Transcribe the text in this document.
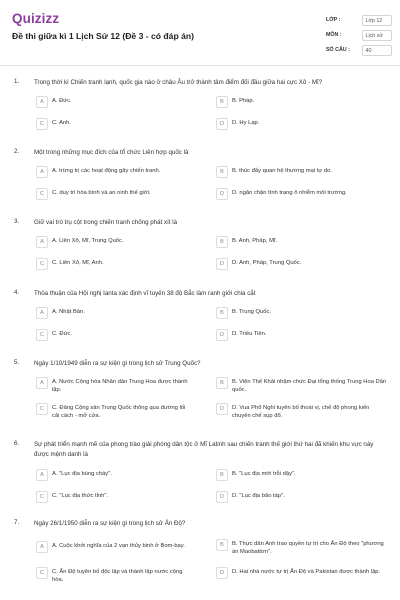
Quizizz
Đề thi giữa kì 1 Lịch Sử 12 (Đề 3 - có đáp án)
LỚP :	Lớp 12
MÔN :	Lịch sử
SỐ CÂU :	40
1. Trong thời kì Chiến tranh lạnh, quốc gia nào ở châu Âu trở thành tâm điểm đối đầu giữa hai cực Xô - Mĩ?
A	A. Đức.	B	B. Pháp.
C	C. Anh.	D	D. Hy Lạp.
2. Một trong những mục đích của tổ chức Liên hợp quốc là
A	A. trừng trị các hoạt động gây chiến tranh.	B	B. thúc đẩy quan hệ thương mại tự do.
C	C. duy trì hòa bình và an ninh thế giới.	D	D. ngăn chặn tình trạng ô nhiễm môi trường.
3. Giữ vai trò trụ cột trong chiến tranh chống phát xít là
A	A. Liên Xô, Mĩ, Trung Quốc.	B	B. Anh, Pháp, Mĩ.
C	C. Liên Xô, Mĩ, Anh.	D	D. Anh, Pháp, Trung Quốc.
4. Thỏa thuận của Hội nghị Ianta xác định vĩ tuyến 38 độ Bắc làm ranh giới chia cắt
A	A. Nhật Bản.	B	B. Trung Quốc.
C	C. Đức.	D	D. Triều Tiên.
5. Ngày 1/10/1949 diễn ra sự kiện gì trong lịch sử Trung Quốc?
A	A. Nước Cộng hòa Nhân dân Trung Hoa được thành lập.
B	B. Viên Thế Khải nhậm chức Đại tổng thống Trung Hoa Dân quốc.
C	C. Đảng Cộng sản Trung Quốc thông qua đường lối cải cách - mở cửa.
D	D. Vua Phổ Nghi tuyên bố thoái vị, chế độ phong kiến chuyên chế sụp đổ.
6. Sự phát triển mạnh mẽ của phong trào giải phóng dân tộc ở Mĩ Latinh sau chiến tranh thế giới thứ hai đã khiến khu vực này được mệnh danh là
A	A. "Lục địa bùng cháy".	B	B. "Lục địa mới trỗi dậy".
C	C. "Lục địa thức tỉnh".	D	D. "Lục địa bão táp".
7. Ngày 26/1/1950 diễn ra sự kiện gì trong lịch sử Ấn Độ?
A	A. Cuộc khởi nghĩa của 2 vạn thủy binh ở Bom-bay.	B	B. Thực dân Anh trao quyền tự trị cho Ấn Độ theo "phương án Maobattơn".
C	C. Ấn Độ tuyên bố độc lập và thành lập nước cộng hòa.
D	D. Hai nhà nước tự trị Ấn Độ và Pakixtan được thành lập.
